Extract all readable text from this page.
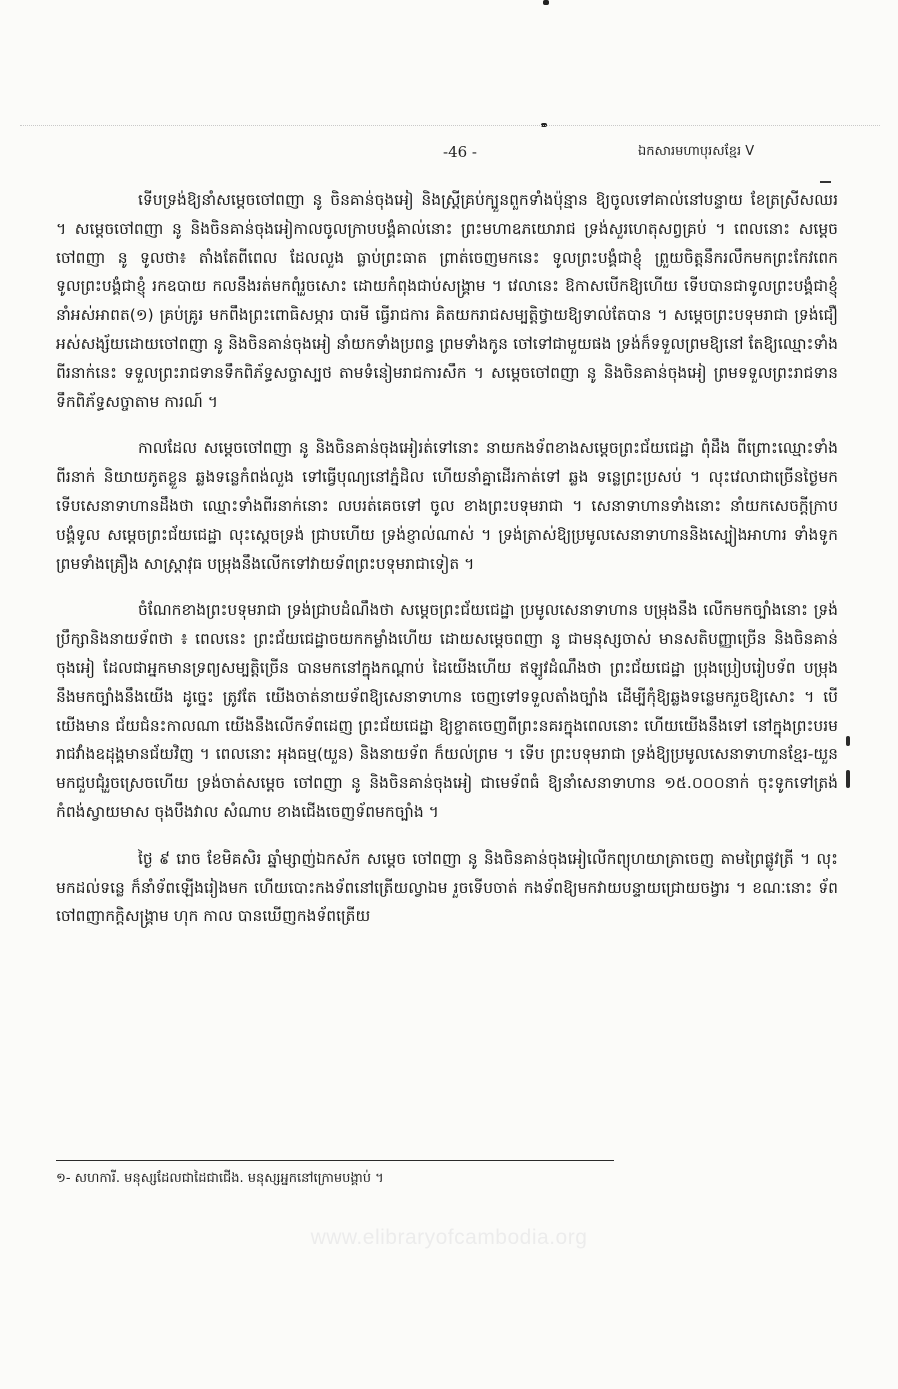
-46 -	ឯកសារមហាបុរសខ្មែរ V

ទើបទ្រង់ឱ្យនាំសម្តេចចៅពញា នូ ចិនគាន់ចុងអៀ និងស្ត្រីគ្រប់ក្បួនពួកទាំងប៉ុន្មាន ឱ្យចូលទៅគាល់នៅបន្ទាយ ខែត្រស្រីសឈរ ។ សម្តេចចៅពញា នូ និងចិនគាន់ចុងអៀកាលចូលក្រាបបង្គំគាល់នោះ ព្រះមហាឧភយោរាជ ទ្រង់សួរហេតុសព្វគ្រប់ ។ ពេលនោះ សម្តេចចៅពញា នូ ទូលថា៖ តាំងតែពីពេល ដែលលួង ធ្លាប់ព្រះធាត ព្រាត់ចេញមកនេះ ទូលព្រះបង្គំជាខ្ញុំ ព្រួយចិត្តនឹករលឹកមកព្រះកែវពេក ទូលព្រះបង្គំជាខ្ញុំ រកឧបាយ កលនឹងរត់មកពុំរួចសោះ ដោយកំពុងជាប់សង្គ្រាម ។ វេលានេះ ឱកាសបើកឱ្យហើយ ទើបបានជាទូលព្រះបង្គំជាខ្ញុំ នាំអស់អាពត(១) គ្រប់គ្រូរ មកពឹងព្រះពោធិសម្ភារ បារមី ធ្វើរាជការ គិតយករាជសម្បត្តិថ្វាយឱ្យទាល់តែបាន ។ សម្តេចព្រះបទុមរាជា ទ្រង់ជឿអស់សង្ស័យដោយចៅពញា នូ និងចិនគាន់ចុងអៀ នាំយកទាំងប្រពន្ធ ព្រមទាំងកូន ចៅទៅជាមួយផង ទ្រង់ក៏ទទួលព្រមឱ្យនៅ តែឱ្យឈ្មោះទាំងពីរនាក់នេះ ទទួលព្រះរាជទានទឹកពិភ័ទ្ធសច្ចាស្បថ តាមទំនៀមរាជការសឹក ។ សម្តេចចៅពញា នូ និងចិនគាន់ចុងអៀ ព្រមទទួលព្រះរាជទានទឹកពិភ័ទ្ធសច្ចាតាម ការណ៍ ។

កាលដែល សម្តេចចៅពញា នូ និងចិនគាន់ចុងអៀរត់ទៅនោះ នាយកងទ័ពខាងសម្តេចព្រះជ័យជេដ្ឋា ពុំដឹង ពីព្រោះឈ្មោះទាំងពីរនាក់ និយាយភូតខ្លួន ឆ្លងទន្លេកំពង់លួង ទៅធ្វើបុណ្យនៅភ្នំដិល ហើយនាំគ្នាដើរកាត់ទៅ ឆ្លង ទន្លេព្រះប្រសប់ ។ លុះវេលាជាច្រើនថ្ងៃមក ទើបសេនាទាហានដឹងថា ឈ្មោះទាំងពីរនាក់នោះ លបរត់គេចទៅ ចូល ខាងព្រះបទុមរាជា ។ សេនាទាហានទាំងនោះ នាំយកសេចក្តីក្រាបបង្គំទូល សម្តេចព្រះជ័យជេដ្ឋា លុះស្តេចទ្រង់ ជ្រាបហើយ ទ្រង់ខ្ញាល់ណាស់ ។ ទ្រង់ត្រាស់ឱ្យប្រមូលសេនាទាហាននិងស្បៀងអាហារ ទាំងទូក ព្រមទាំងគ្រឿង សាស្ត្រាវុធ បម្រុងនឹងលើកទៅវាយទ័ពព្រះបទុមរាជាទៀត ។

ចំណែកខាងព្រះបទុមរាជា ទ្រង់ជ្រាបដំណឹងថា សម្តេចព្រះជ័យជេដ្ឋា ប្រមូលសេនាទាហាន បម្រុងនឹង លើកមកច្បាំងនោះ ទ្រង់ប្រឹក្សានិងនាយទ័ពថា ៖ ពេលនេះ ព្រះជ័យជេដ្ឋាចយកកម្លាំងហើយ ដោយសម្តេចពញា នូ ជាមនុស្សចាស់ មានសតិបញ្ញាច្រើន និងចិនគាន់ចុងអៀ ដែលជាអ្នកមានទ្រព្យសម្បត្តិច្រើន បានមកនៅក្នុងកណ្តាប់ ដៃយើងហើយ ឥឡូវដំណឹងថា ព្រះជ័យជេដ្ឋា ប្រុងប្រៀបរៀបទ័ព បម្រុងនឹងមកច្បាំងនឹងយើង ដូច្នេះ ត្រូវតែ យើងចាត់នាយទ័ពឱ្យសេនាទាហាន ចេញទៅទទួលតាំងច្បាំង ដើម្បីកុំឱ្យឆ្លងទន្លេមករួចឱ្យសោះ ។ បើយើងមាន ជ័យជំនះកាលណា យើងនឹងលើកទ័ពដេញ ព្រះជ័យជេដ្ឋា ឱ្យខ្ចាតចេញពីព្រះនគរក្នុងពេលនោះ ហើយយើងនឹងទៅ នៅក្នុងព្រះបរមរាជវាំងឧដុង្គមានជ័យវិញ ។ ពេលនោះ អុងធម្ម(យួន) និងនាយទ័ព ក៏យល់ព្រម ។ ទើប ព្រះបទុមរាជា ទ្រង់ឱ្យប្រមូលសេនាទាហានខ្មែរ-យួន មកជួបជុំរួចស្រេចហើយ ទ្រង់ចាត់សម្តេច ចៅពញា នូ និងចិនគាន់ចុងអៀ ជាមេទ័ពធំ ឱ្យនាំសេនាទាហាន ១៥.០០០នាក់ ចុះទូកទៅត្រង់កំពង់ស្វាយមាស ចុងបឹងវាល សំណាប ខាងជើងចេញទ័ពមកច្បាំង ។

ថ្ងៃ ៩ រោច ខែមិគសិរ ឆ្នាំម្សាញ់ឯកស័ក សម្តេច ចៅពញា នូ និងចិនគាន់ចុងអៀលើកព្យុហយាត្រាចេញ តាមព្រៃផ្លូវត្រី ។ លុះមកដល់ទន្លេ ក៏នាំទ័ពឡើងរៀងមក ហើយបោះកងទ័ពនៅត្រើយល្វាឯម រួចទើបចាត់ កងទ័ពឱ្យមកវាយបន្ទាយជ្រោយចង្វារ ។ ខណៈនោះ ទ័ពចៅពញាកក្តិសង្គ្រាម ហុក កាល បានឃើញកងទ័ពត្រើយ

១- សហការី. មនុស្សដែលជាដៃជាជើង. មនុស្សអ្នកនៅក្រោមបង្គាប់ ។
www.elibraryofcambodia.org
